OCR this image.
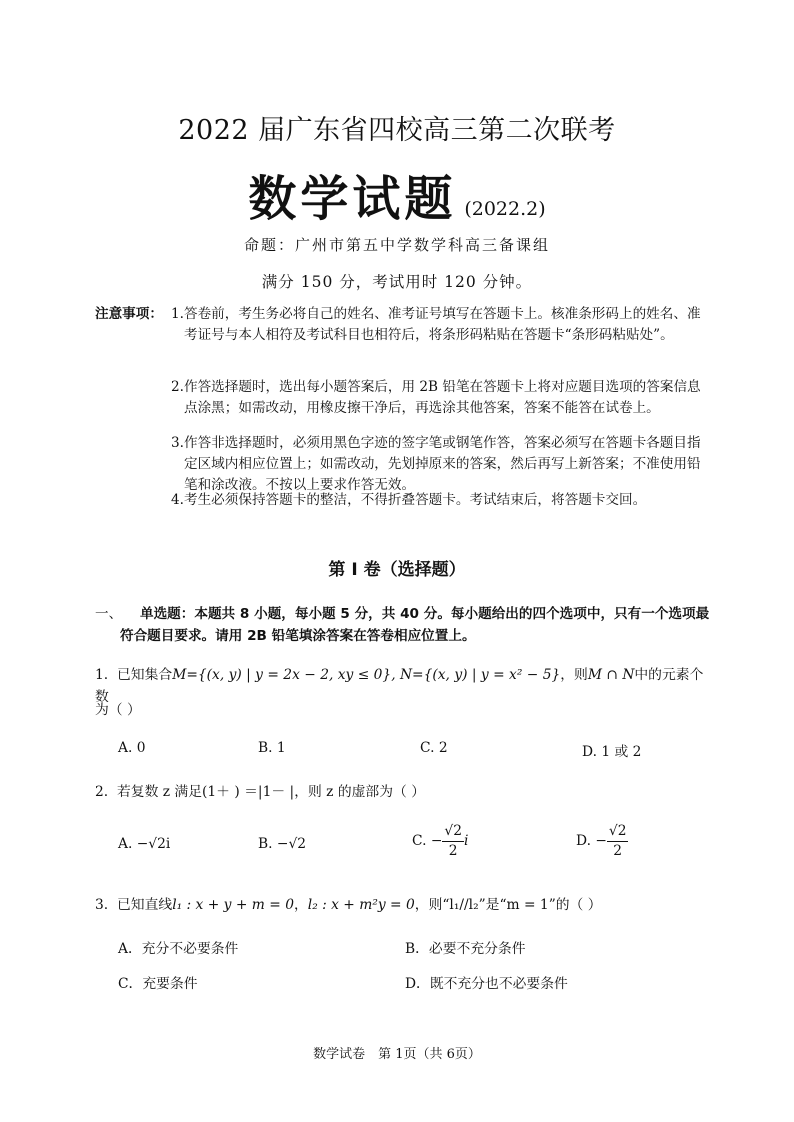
2022 届广东省四校高三第二次联考
数学试题 (2022.2)
命题：广州市第五中学数学科高三备课组
满分 150 分，考试用时 120 分钟。
注意事项： 1. 答卷前，考生务必将自己的姓名、准考证号填写在答题卡上。核准条形码上的姓名、准考证号与本人相符及考试科目也相符后，将条形码粘贴在答题卡“条形码粘贴处”。
2. 作答选择题时，选出每小题答案后，用 2B 铅笔在答题卡上将对应题目选项的答案信息点涂黑；如需改动，用橡皮擦干净后，再选涂其他答案，答案不能答在试卷上。
3. 作答非选择题时，必须用黑色字迹的签字笔或钢笔作答，答案必须写在答题卡各题目指定区域内相应位置上；如需改动，先划掉原来的答案，然后再写上新答案；不准使用铅笔和涂改液。不按以上要求作答无效。
4. 考生必须保持答题卡的整洁，不得折叠答题卡。考试结束后，将答题卡交回。
第 I 卷（选择题）
一、	单选题：本题共 8 小题，每小题 5 分，共 40 分。每小题给出的四个选项中，只有一个选项最符合题目要求。请用 2B 铅笔填涂答案在答卷相应位置上。
1. 已知集合M={(x, y) | y = 2x − 2, xy ≤ 0}, N={(x, y) | y = x² − 5}，则M ∩ N中的元素个数
为（ ）
A. 0	B. 1	C. 2	D. 1 或 2
2. 若复数 z 满足(1＋ ) ＝|1－ |，则 z 的虚部为（ ）
A. −√2i	B. −√2	C. − $\frac{√2}{2}$ i	D. − $\frac{√2}{2}$
3. 已知直线l₁ : x + y + m = 0，l₂ : x + m²y = 0，则“l₁//l₂”是“m = 1”的（ ）
A．充分不必要条件	B．必要不充分条件
C．充要条件	D．既不充分也不必要条件
数学试卷　第 1页（共 6页）
